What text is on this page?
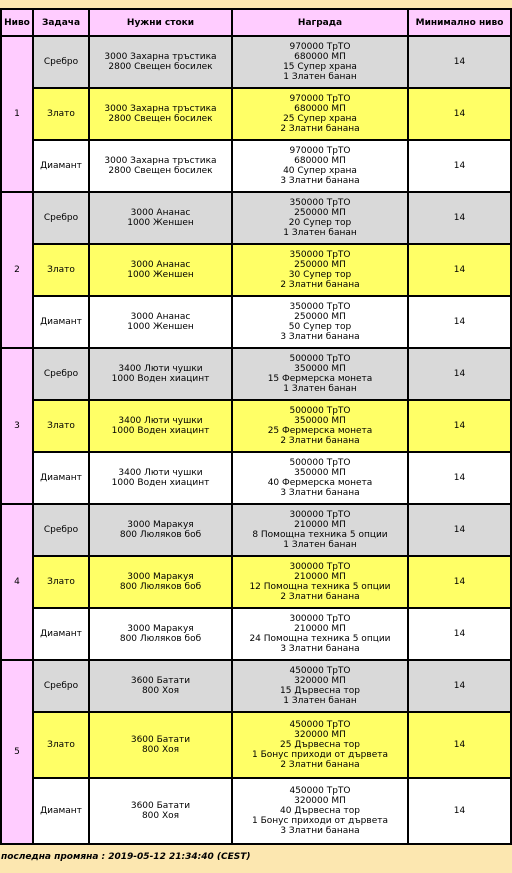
Ниво	Задача	Нужни стоки	Награда	Минимално ниво
1	Сребро	3000 Захарна тръстика
2800 Свещен босилек	970000 ТрТО
680000 МП
15 Супер храна
1 Златен банан	14
	Злато	3000 Захарна тръстика
2800 Свещен босилек	970000 ТрТО
680000 МП
25 Супер храна
2 Златни банана	14
	Диамант	3000 Захарна тръстика
2800 Свещен босилек	970000 ТрТО
680000 МП
40 Супер храна
3 Златни банана	14
2	Сребро	3000 Ананас
1000 Женшен	350000 ТрТО
250000 МП
20 Супер тор
1 Златен банан	14
	Злато	3000 Ананас
1000 Женшен	350000 ТрТО
250000 МП
30 Супер тор
2 Златни банана	14
	Диамант	3000 Ананас
1000 Женшен	350000 ТрТО
250000 МП
50 Супер тор
3 Златни банана	14
3	Сребро	3400 Люти чушки
1000 Воден хиацинт	500000 ТрТО
350000 МП
15 Фермерска монета
1 Златен банан	14
	Злато	3400 Люти чушки
1000 Воден хиацинт	500000 ТрТО
350000 МП
25 Фермерска монета
2 Златни банана	14
	Диамант	3400 Люти чушки
1000 Воден хиацинт	500000 ТрТО
350000 МП
40 Фермерска монета
3 Златни банана	14
4	Сребро	3000 Маракуя
800 Люляков боб	300000 ТрТО
210000 МП
8 Помощна техника 5 опции
1 Златен банан	14
	Злато	3000 Маракуя
800 Люляков боб	300000 ТрТО
210000 МП
12 Помощна техника 5 опции
2 Златни банана	14
	Диамант	3000 Маракуя
800 Люляков боб	300000 ТрТО
210000 МП
24 Помощна техника 5 опции
3 Златни банана	14
5	Сребро	3600 Батати
800 Хоя	450000 ТрТО
320000 МП
15 Дървесна тор
1 Златен банан	14
	Злато	3600 Батати
800 Хоя	450000 ТрТО
320000 МП
25 Дървесна тор
1 Бонус приходи от дървета
2 Златни банана	14
	Диамант	3600 Батати
800 Хоя	450000 ТрТО
320000 МП
40 Дървесна тор
1 Бонус приходи от дървета
3 Златни банана	14
последна промяна : 2019-05-12 21:34:40 (CEST)
